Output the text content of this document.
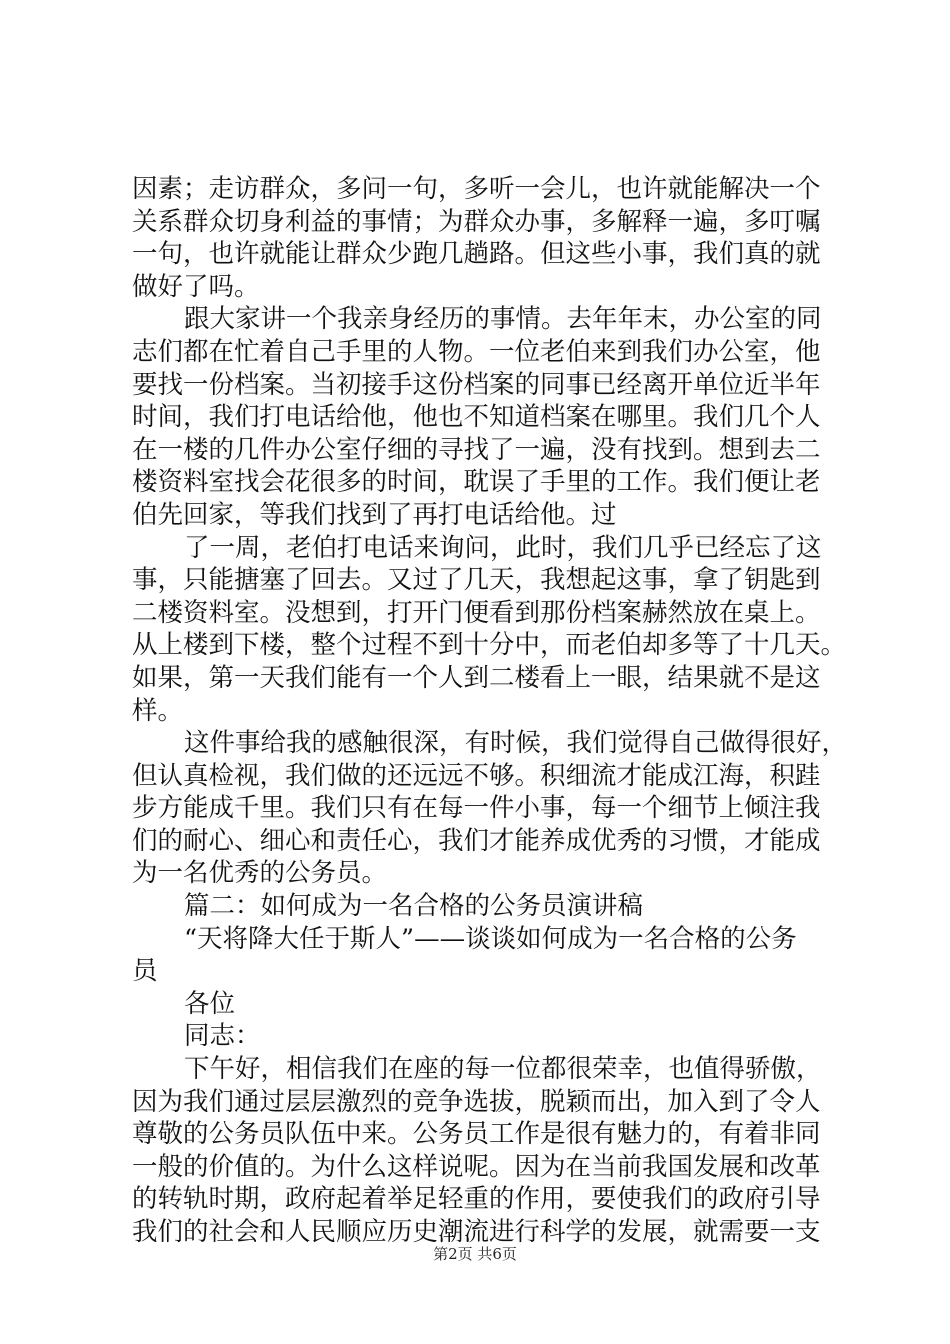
因素；走访群众，多问一句，多听一会儿，也许就能解决一个
关系群众切身利益的事情；为群众办事，多解释一遍，多叮嘱
一句，也许就能让群众少跑几趟路。但这些小事，我们真的就
做好了吗。
跟大家讲一个我亲身经历的事情。去年年末，办公室的同
志们都在忙着自己手里的人物。一位老伯来到我们办公室，他
要找一份档案。当初接手这份档案的同事已经离开单位近半年
时间，我们打电话给他，他也不知道档案在哪里。我们几个人
在一楼的几件办公室仔细的寻找了一遍，没有找到。想到去二
楼资料室找会花很多的时间，耽误了手里的工作。我们便让老
伯先回家，等我们找到了再打电话给他。过
了一周，老伯打电话来询问，此时，我们几乎已经忘了这
事，只能搪塞了回去。又过了几天，我想起这事，拿了钥匙到
二楼资料室。没想到，打开门便看到那份档案赫然放在桌上。
从上楼到下楼，整个过程不到十分中，而老伯却多等了十几天。
如果，第一天我们能有一个人到二楼看上一眼，结果就不是这
样。
这件事给我的感触很深，有时候，我们觉得自己做得很好，
但认真检视，我们做的还远远不够。积细流才能成江海，积跬
步方能成千里。我们只有在每一件小事，每一个细节上倾注我
们的耐心、细心和责任心，我们才能养成优秀的习惯，才能成
为一名优秀的公务员。
篇二：如何成为一名合格的公务员演讲稿
“天将降大任于斯人”——谈谈如何成为一名合格的公务
员
各位
同志：
下午好，相信我们在座的每一位都很荣幸，也值得骄傲，
因为我们通过层层激烈的竞争选拔，脱颖而出，加入到了令人
尊敬的公务员队伍中来。公务员工作是很有魅力的，有着非同
一般的价值的。为什么这样说呢。因为在当前我国发展和改革
的转轨时期，政府起着举足轻重的作用，要使我们的政府引导
我们的社会和人民顺应历史潮流进行科学的发展，就需要一支
第2页 共6页
